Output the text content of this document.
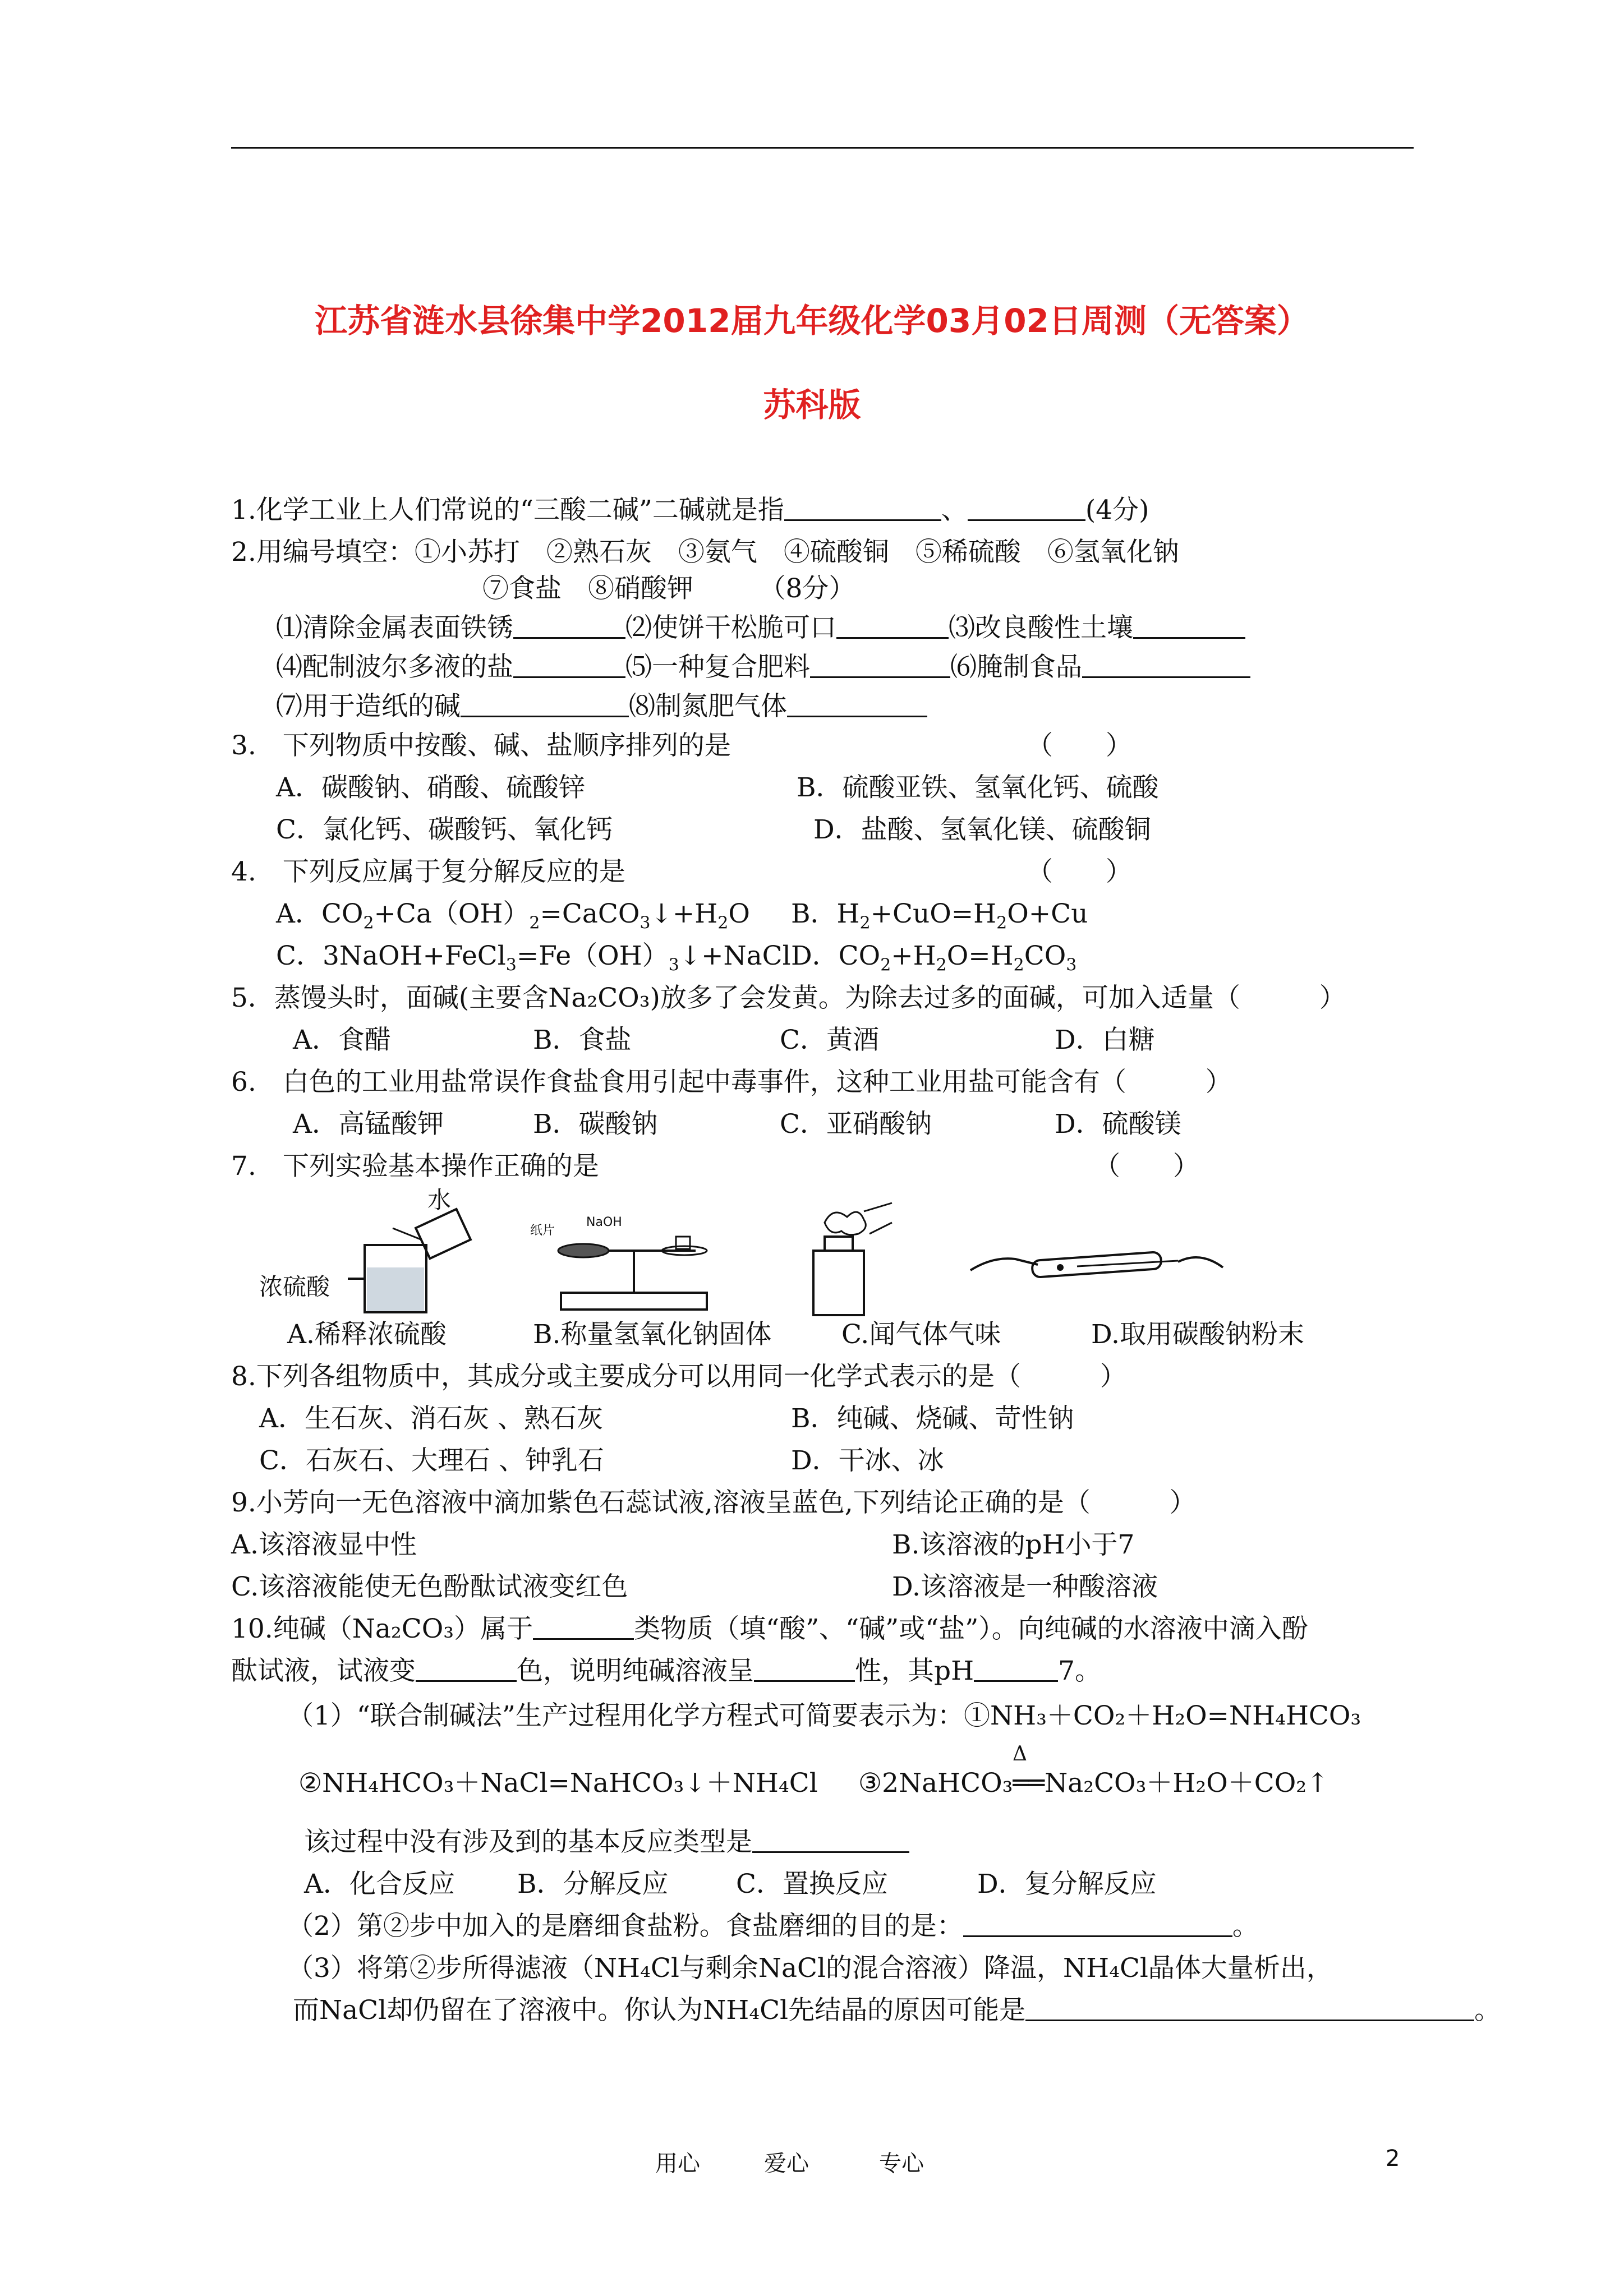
江苏省涟水县徐集中学2012届九年级化学03月02日周测（无答案）
苏科版
1.化学工业上人们常说的“三酸二碱”二碱就是指	、	(4分)
2.用编号填空：①小苏打　②熟石灰　③氨气　④硫酸铜　⑤稀硫酸　⑥氢氧化钠
⑦食盐　⑧硝酸钾　　　（8分）
⑴清除金属表面铁锈	⑵使饼干松脆可口	⑶改良酸性土壤
⑷配制波尔多液的盐	⑸一种复合肥料	⑹腌制食品
⑺用于造纸的碱	⑻制氮肥气体
3.　下列物质中按酸、碱、盐顺序排列的是	（　　）
A．碳酸钠、硝酸、硫酸锌	B．硫酸亚铁、氢氧化钙、硫酸
C．氯化钙、碳酸钙、氧化钙	D．盐酸、氢氧化镁、硫酸铜
4.　下列反应属于复分解反应的是	（　　）
A．$CO_2+Ca(OH)_2=CaCO_3↓+H_2O$ B．$H_2+CuO=H_2O+Cu$
C．$3NaOH+FeCl_3=Fe(OH)_3↓+NaCl$ D．$CO_2+H_2O=H_2CO_3$
5．蒸馒头时，面碱(主要含Na₂CO₃)放多了会发黄。为除去过多的面碱，可加入适量（　　　）
A．食醋	B．食盐	C．黄酒	D．白糖
6.　白色的工业用盐常误作食盐食用引起中毒事件，这种工业用盐可能含有（　　　）
A．高锰酸钾	B．碳酸钠	C．亚硝酸钠	D．硫酸镁
7.　下列实验基本操作正确的是	（　　）
水
浓硫酸
纸片
NaOH
A.稀释浓硫酸	B.称量氢氧化钠固体	C.闻气体气味	D.取用碳酸钠粉末
8.下列各组物质中，其成分或主要成分可以用同一化学式表示的是（　　　）
A．生石灰、消石灰 、熟石灰	B．纯碱、烧碱、苛性钠
C．石灰石、大理石 、钟乳石	D．干冰、冰
9.小芳向一无色溶液中滴加紫色石蕊试液,溶液呈蓝色,下列结论正确的是（　　　）
A.该溶液显中性	B.该溶液的pH小于7
C.该溶液能使无色酚酞试液变红色	D.该溶液是一种酸溶液
10.纯碱（Na₂CO₃）属于	类物质（填“酸”、“碱”或“盐”）。向纯碱的水溶液中滴入酚
酞试液，试液变	色，说明纯碱溶液呈	性，其pH	7。
（1）“联合制碱法”生产过程用化学方程式可简要表示为：①NH₃＋CO₂＋H₂O=NH₄HCO₃
②NH₄HCO₃＋NaCl=NaHCO₃↓＋NH₄Cl ③2NaHCO₃══Na₂CO₃＋H₂O＋CO₂↑
Δ
该过程中没有涉及到的基本反应类型是
A．化合反应 B．分解反应	C．置换反应	D．复分解反应
（2）第②步中加入的是磨细食盐粉。食盐磨细的目的是：	。
（3）将第②步所得滤液（NH₄Cl与剩余NaCl的混合溶液）降温，NH₄Cl晶体大量析出，
而NaCl却仍留在了溶液中。你认为NH₄Cl先结晶的原因可能是	。
用心	爱心	专心	2
